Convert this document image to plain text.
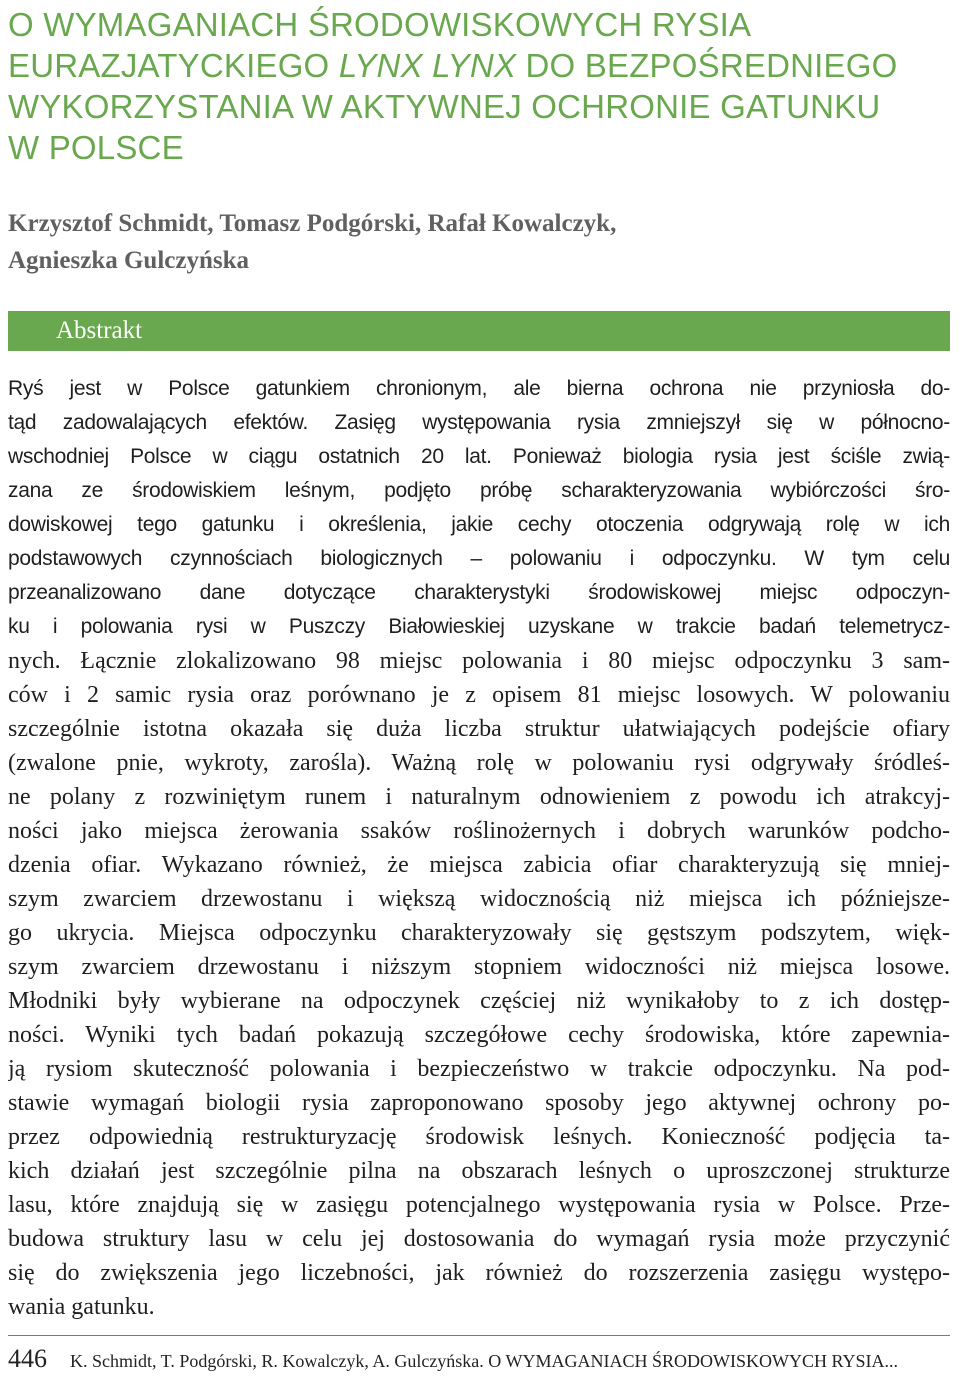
O WYMAGANIACH ŚRODOWISKOWYCH RYSIA
EURAZJATYCKIEGO LYNX LYNX DO BEZPOŚREDNIEGO
WYKORZYSTANIA W AKTYWNEJ OCHRONIE GATUNKU
W POLSCE
Krzysztof Schmidt, Tomasz Podgórski, Rafał Kowalczyk,
Agnieszka Gulczyńska
Abstrakt
Ryś jest w Polsce gatunkiem chronionym, ale bierna ochrona nie przyniosła do-
tąd zadowalających efektów. Zasięg występowania rysia zmniejszył się w północno-
wschodniej Polsce w ciągu ostatnich 20 lat. Ponieważ biologia rysia jest ściśle zwią-
zana ze środowiskiem leśnym, podjęto próbę scharakteryzowania wybiórczości śro-
dowiskowej tego gatunku i określenia, jakie cechy otoczenia odgrywają rolę w ich
podstawowych czynnościach biologicznych – polowaniu i odpoczynku. W tym celu
przeanalizowano dane dotyczące charakterystyki środowiskowej miejsc odpoczyn-
ku i polowania rysi w Puszczy Białowieskiej uzyskane w trakcie badań telemetrycz-
nych. Łącznie zlokalizowano 98 miejsc polowania i 80 miejsc odpoczynku 3 sam-
ców i 2 samic rysia oraz porównano je z opisem 81 miejsc losowych. W polowaniu
szczególnie istotna okazała się duża liczba struktur ułatwiających podejście ofiary
(zwalone pnie, wykroty, zarośla). Ważną rolę w polowaniu rysi odgrywały śródleś-
ne polany z rozwiniętym runem i naturalnym odnowieniem z powodu ich atrakcyj-
ności jako miejsca żerowania ssaków roślinożernych i dobrych warunków podcho-
dzenia ofiar. Wykazano również, że miejsca zabicia ofiar charakteryzują się mniej-
szym zwarciem drzewostanu i większą widocznością niż miejsca ich późniejsze-
go ukrycia. Miejsca odpoczynku charakteryzowały się gęstszym podszytem, więk-
szym zwarciem drzewostanu i niższym stopniem widoczności niż miejsca losowe.
Młodniki były wybierane na odpoczynek częściej niż wynikałoby to z ich dostęp-
ności. Wyniki tych badań pokazują szczegółowe cechy środowiska, które zapewnia-
ją rysiom skuteczność polowania i bezpieczeństwo w trakcie odpoczynku. Na pod-
stawie wymagań biologii rysia zaproponowano sposoby jego aktywnej ochrony po-
przez odpowiednią restrukturyzację środowisk leśnych. Konieczność podjęcia ta-
kich działań jest szczególnie pilna na obszarach leśnych o uproszczonej strukturze
lasu, które znajdują się w zasięgu potencjalnego występowania rysia w Polsce. Prze-
budowa struktury lasu w celu jej dostosowania do wymagań rysia może przyczynić
się do zwiększenia jego liczebności, jak również do rozszerzenia zasięgu występo-
wania gatunku.
446 K. Schmidt, T. Podgórski, R. Kowalczyk, A. Gulczyńska. O WYMAGANIACH ŚRODOWISKOWYCH RYSIA...
